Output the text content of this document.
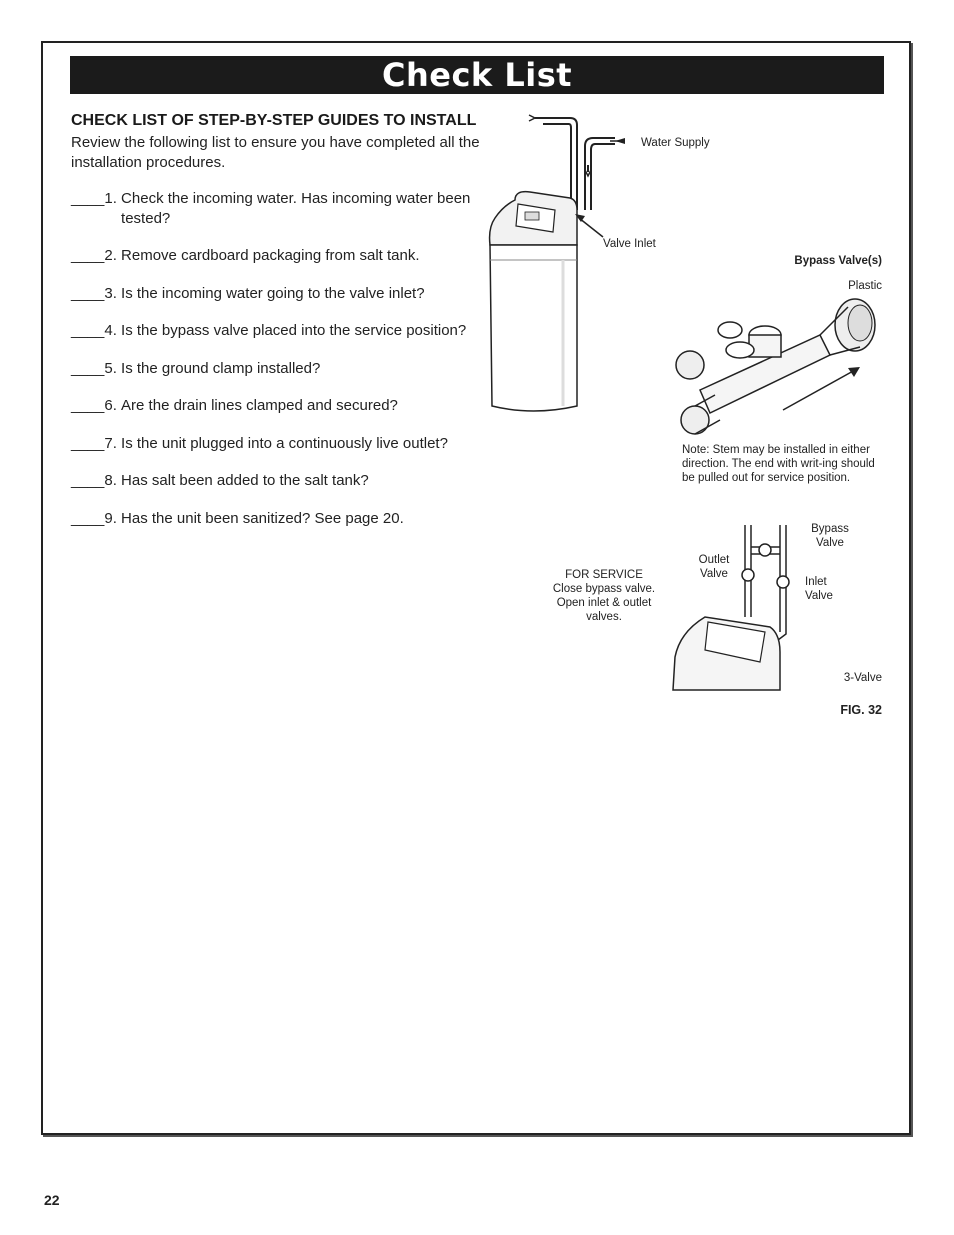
Check List

CHECK LIST OF STEP-BY-STEP GUIDES TO INSTALL

Review the following list to ensure you have completed all the installation procedures.

____1. Check the incoming water. Has incoming water been tested?
____2. Remove cardboard packaging from salt tank.
____3. Is the incoming water going to the valve inlet?
____4. Is the bypass valve placed into the service position?
____5. Is the ground clamp installed?
____6. Are the drain lines clamped and secured?
____7. Is the unit plugged into a continuously live outlet?
____8. Has salt been added to the salt tank?
____9. Has the unit been sanitized? See page 20.
Water Supply
Valve Inlet
Bypass Valve(s)
Plastic
Note: Stem may be installed in either direction. The end with writ-ing should be pulled out for service position.
Bypass Valve
Outlet Valve
Inlet Valve
FOR SERVICE
Close bypass valve. Open inlet & outlet valves.
3-Valve
FIG. 32
22
